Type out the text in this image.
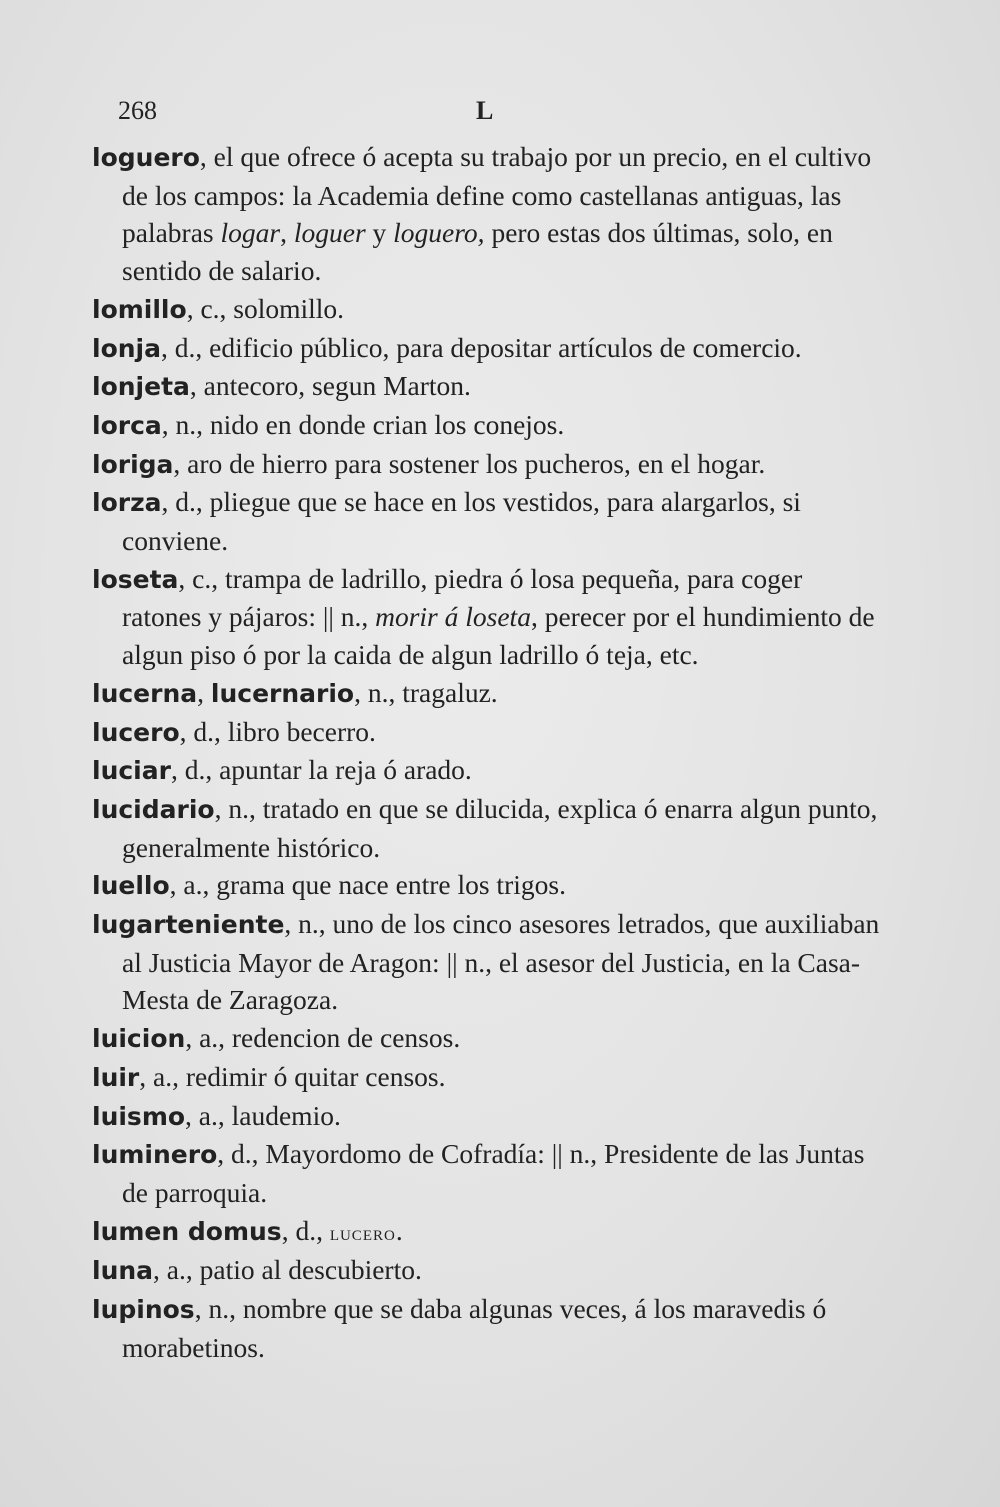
268	L

loguero, el que ofrece ó acepta su trabajo por un precio, en el cultivo de los campos: la Academia define como castellanas antiguas, las palabras logar, loguer y loguero, pero estas dos últimas, solo, en sentido de salario.

lomillo, c., solomillo.

lonja, d., edificio público, para depositar artículos de comercio.

lonjeta, antecoro, segun Marton.

lorca, n., nido en donde crian los conejos.

loriga, aro de hierro para sostener los pucheros, en el hogar.

lorza, d., pliegue que se hace en los vestidos, para alargarlos, si conviene.

loseta, c., trampa de ladrillo, piedra ó losa pequeña, para coger ratones y pájaros: || n., morir á loseta, perecer por el hundimiento de algun piso ó por la caida de algun ladrillo ó teja, etc.

lucerna, lucernario, n., tragaluz.

lucero, d., libro becerro.

luciar, d., apuntar la reja ó arado.

lucidario, n., tratado en que se dilucida, explica ó enarra algun punto, generalmente histórico.

luello, a., grama que nace entre los trigos.

lugarteniente, n., uno de los cinco asesores letrados, que auxiliaban al Justicia Mayor de Aragon: || n., el asesor del Justicia, en la Casa-Mesta de Zaragoza.

luicion, a., redencion de censos.

luir, a., redimir ó quitar censos.

luismo, a., laudemio.

luminero, d., Mayordomo de Cofradía: || n., Presidente de las Juntas de parroquia.

lumen domus, d., lucero.

luna, a., patio al descubierto.

lupinos, n., nombre que se daba algunas veces, á los maravedis ó morabetinos.
